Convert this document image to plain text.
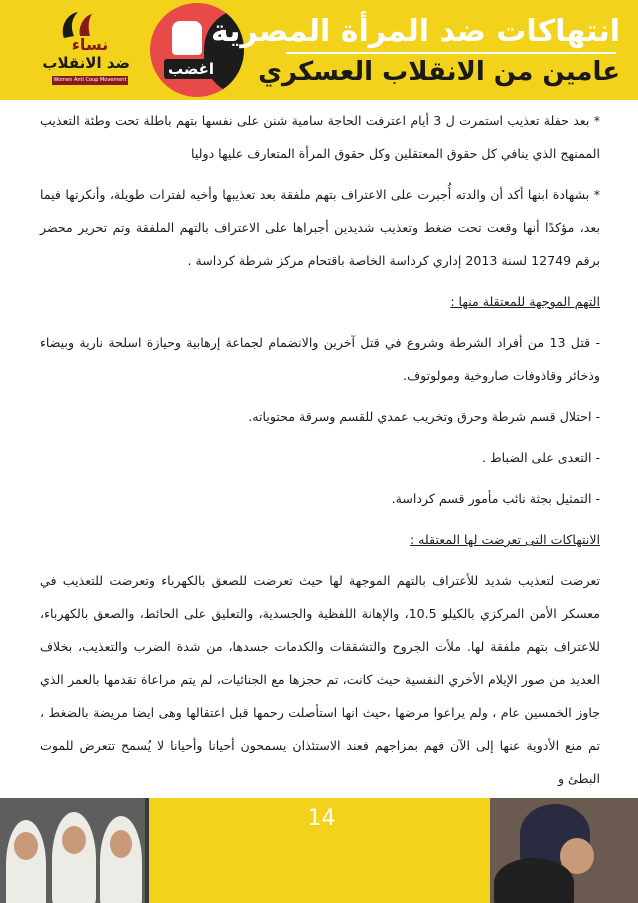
نساء
ضد الانقلاب
Women Anti Coup Movement
اغضب
انتهاكات ضد المرأة المصرية
عامين من الانقلاب العسكري

* بعد حفلة تعذيب استمرت ل 3 أيام اعترفت الحاجة سامية شنن على نفسها بتهم باطلة تحت وطئة التعذيب الممنهج الذي ينافي كل حقوق المعتقلين وكل حقوق المرأة المتعارف عليها دوليا

* بشهادة ابنها أكد أن والدته أُجبرت على الاعتراف بتهم ملفقة بعد تعذيبها وأخيه لفترات طويلة، وأنكرتها فيما بعد، مؤكدًا أنها وقعت تحت ضغط وتعذيب شديدين أجبراها على الاعتراف بالتهم الملفقة وتم تحرير محضر برقم 12749 لسنة 2013 إداري كرداسة الخاصة باقتحام مركز شرطة كرداسة .

التهم الموجهة للمعتقلة منها :

- قتل 13 من أفراد الشرطة وشروع في قتل آخرين والانضمام لجماعة إرهابية وحيازة اسلحة نارية وبيضاء وذخائر وقاذوفات صاروخية ومولوتوف.

- احتلال قسم شرطة وحرق وتخريب عمدي للقسم وسرقة محتوياته.

- التعدى على الضباط .

- التمثيل بجثة نائب مأمور قسم كرداسة.

الانتهاكات التى تعرضت لها المعتقله :

تعرضت لتعذيب شديد للأعتراف بالتهم الموجهة لها حيث تعرضت للصعق بالكهرباء وتعرضت للتعذيب في معسكر الأمن المركزي بالكيلو 10.5، والإهانة اللفظية والجسدية، والتعليق على الحائط، والصعق بالكهرباء، للاعتراف بتهم ملفقة لها. ملأت الجروح والتشققات والكدمات جسدها، من شدة الضرب والتعذيب، بخلاف العديد من صور الإيلام الأخري النفسية حيث كانت، تم حجزها مع الجنائيات، لم يتم مراعاة تقدمها بالعمر الذي جاوز الخمسين عام ، ولم يراعوا مرضها ،حيث انها استأصلت رحمها قبل اعتقالها وهى ايضا مريضة بالضغط ، تم منع الأدوية عنها إلى الآن فهم بمزاجهم فعند الاستئذان يسمحون أحيانا وأحيانا لا يُسمح تتعرض للموت البطئ و

14
